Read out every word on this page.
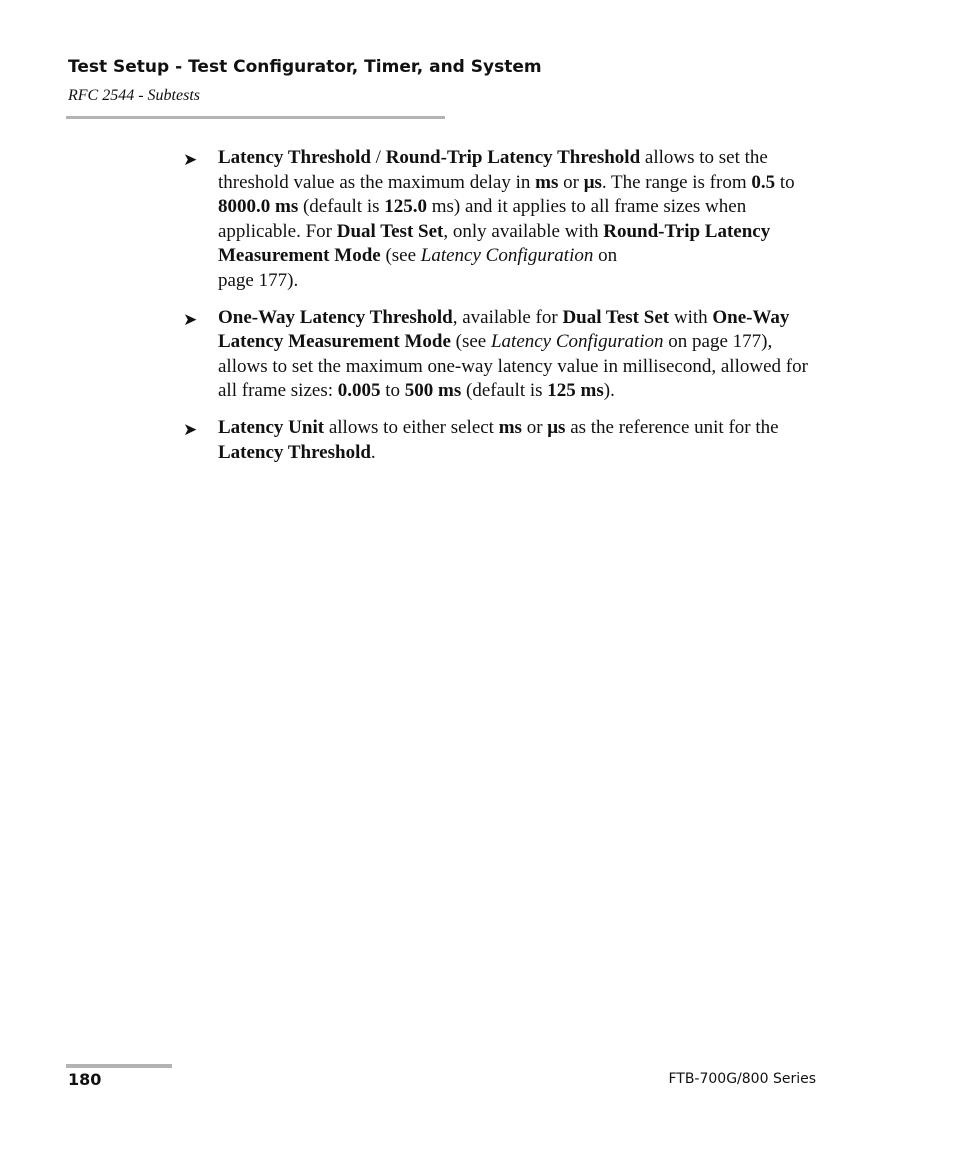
Test Setup - Test Configurator, Timer, and System
RFC 2544 - Subtests
➤	Latency Threshold / Round-Trip Latency Threshold allows to set the threshold value as the maximum delay in ms or μs. The range is from 0.5 to 8000.0 ms (default is 125.0 ms) and it applies to all frame sizes when applicable. For Dual Test Set, only available with Round-Trip Latency Measurement Mode (see Latency Configuration on
page 177).
➤	One-Way Latency Threshold, available for Dual Test Set with One-Way Latency Measurement Mode (see Latency Configuration on page 177), allows to set the maximum one-way latency value in millisecond, allowed for all frame sizes: 0.005 to 500 ms (default is 125 ms).
➤	Latency Unit allows to either select ms or μs as the reference unit for the Latency Threshold.
180	FTB-700G/800 Series
